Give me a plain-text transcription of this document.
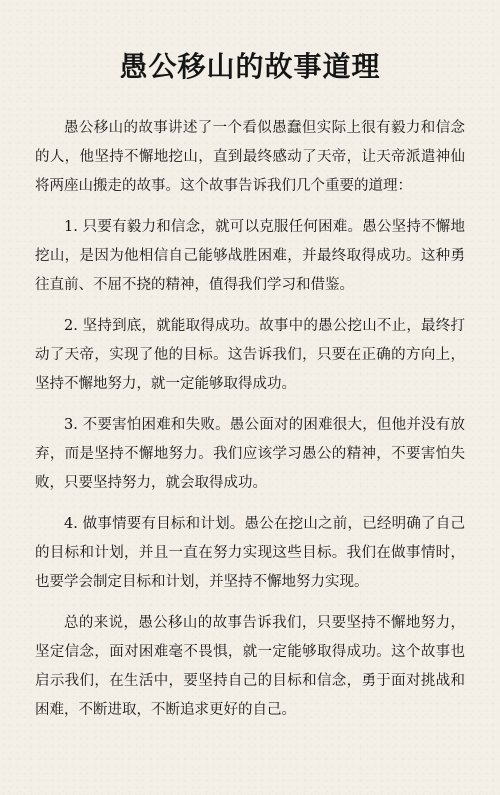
愚公移山的故事道理

愚公移山的故事讲述了一个看似愚蠢但实际上很有毅力和信念的人，他坚持不懈地挖山，直到最终感动了天帝，让天帝派遣神仙将两座山搬走的故事。这个故事告诉我们几个重要的道理：

1. 只要有毅力和信念，就可以克服任何困难。愚公坚持不懈地挖山，是因为他相信自己能够战胜困难，并最终取得成功。这种勇往直前、不屈不挠的精神，值得我们学习和借鉴。

2. 坚持到底，就能取得成功。故事中的愚公挖山不止，最终打动了天帝，实现了他的目标。这告诉我们，只要在正确的方向上，坚持不懈地努力，就一定能够取得成功。

3. 不要害怕困难和失败。愚公面对的困难很大，但他并没有放弃，而是坚持不懈地努力。我们应该学习愚公的精神，不要害怕失败，只要坚持努力，就会取得成功。

4. 做事情要有目标和计划。愚公在挖山之前，已经明确了自己的目标和计划，并且一直在努力实现这些目标。我们在做事情时，也要学会制定目标和计划，并坚持不懈地努力实现。

总的来说，愚公移山的故事告诉我们，只要坚持不懈地努力，坚定信念，面对困难毫不畏惧，就一定能够取得成功。这个故事也启示我们，在生活中，要坚持自己的目标和信念，勇于面对挑战和困难，不断进取，不断追求更好的自己。
